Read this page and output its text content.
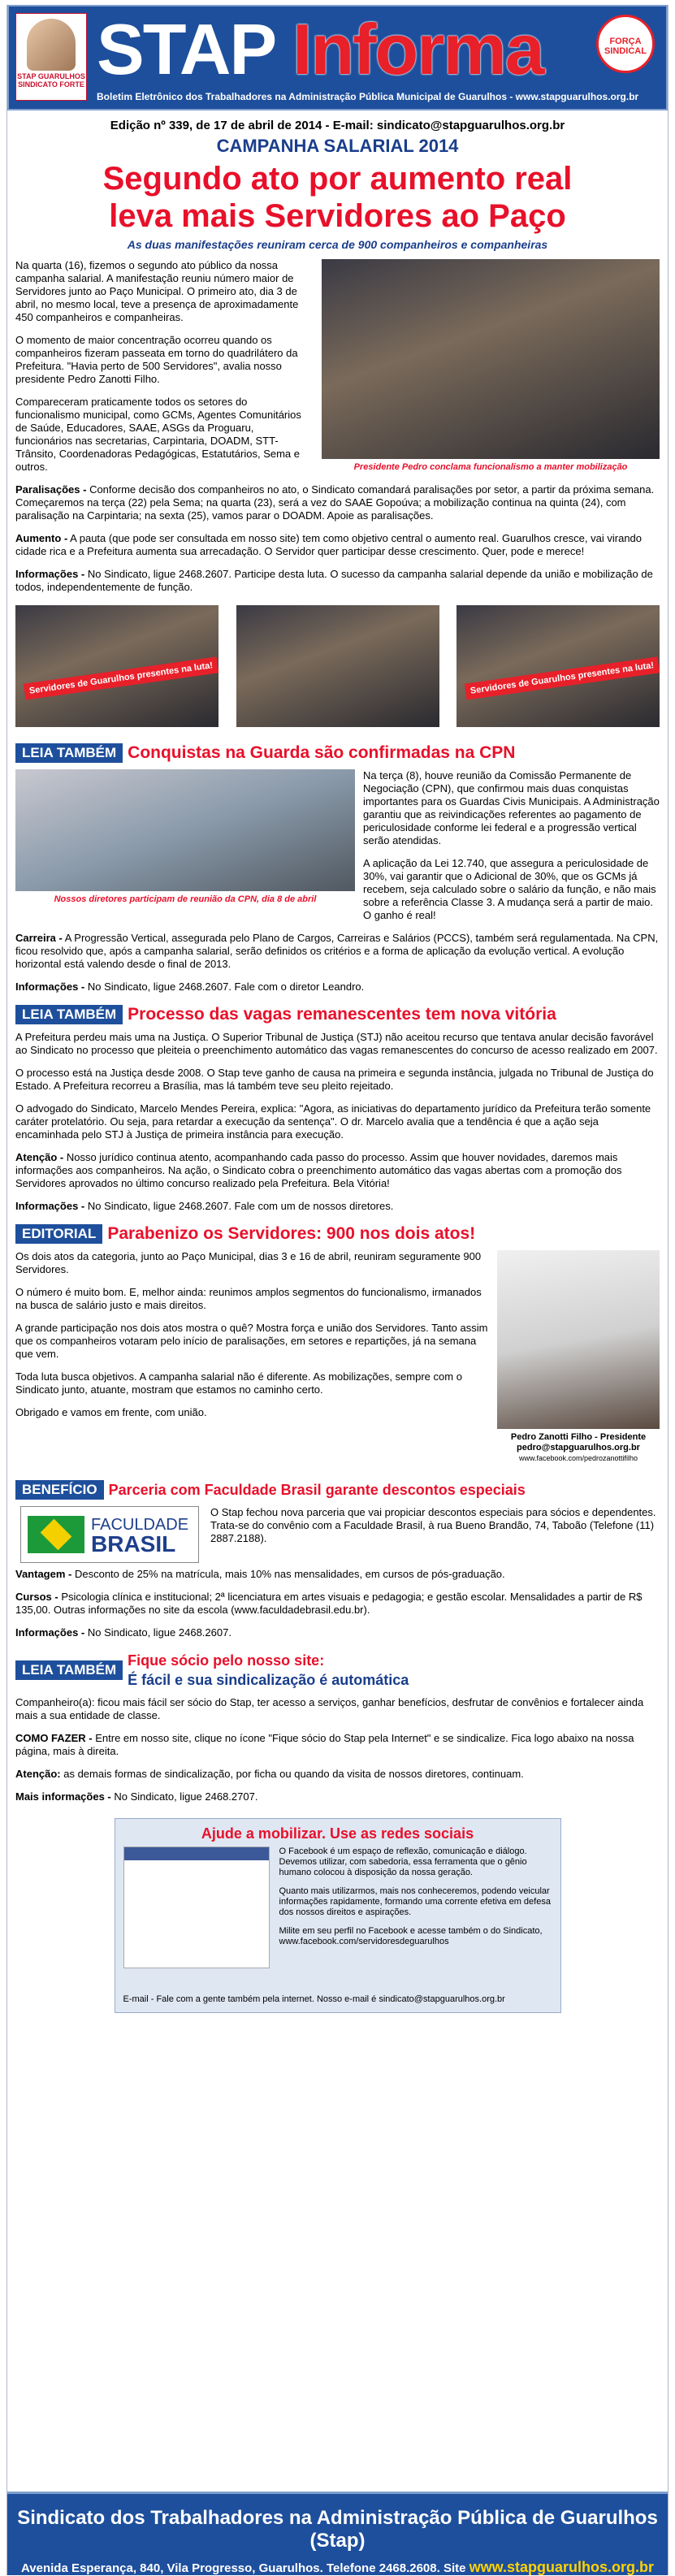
STAP GUARULHOS SINDICATO FORTE STAP Informa	FORÇA SINDICAL
Boletim Eletrônico dos Trabalhadores na Administração Pública Municipal de Guarulhos - www.stapguarulhos.org.br
Edição nº 339, de 17 de abril de 2014 - E-mail: sindicato@stapguarulhos.org.br
CAMPANHA SALARIAL 2014
Segundo ato por aumento real
leva mais Servidores ao Paço
As duas manifestações reuniram cerca de 900 companheiros e companheiras
Presidente Pedro conclama funcionalismo a manter mobilização

Na quarta (16), fizemos o segundo ato público da nossa campanha salarial. A manifestação reuniu número maior de Servidores junto ao Paço Municipal. O primeiro ato, dia 3 de abril, no mesmo local, teve a presença de aproximadamente 450 companheiros e companheiras.

O momento de maior concentração ocorreu quando os companheiros fizeram passeata em torno do quadrilátero da Prefeitura. "Havia perto de 500 Servidores", avalia nosso presidente Pedro Zanotti Filho.

Compareceram praticamente todos os setores do funcionalismo municipal, como GCMs, Agentes Comunitários de Saúde, Educadores, SAAE, ASGs da Proguaru, funcionários nas secretarias, Carpintaria, DOADM, STT-Trânsito, Coordenadoras Pedagógicas, Estatutários, Sema e outros.

Paralisações - Conforme decisão dos companheiros no ato, o Sindicato comandará paralisações por setor, a partir da próxima semana. Começaremos na terça (22) pela Sema; na quarta (23), será a vez do SAAE Gopoúva; a mobilização continua na quinta (24), com paralisação na Carpintaria; na sexta (25), vamos parar o DOADM. Apoie as paralisações.

Aumento - A pauta (que pode ser consultada em nosso site) tem como objetivo central o aumento real. Guarulhos cresce, vai virando cidade rica e a Prefeitura aumenta sua arrecadação. O Servidor quer participar desse crescimento. Quer, pode e merece!

Informações - No Sindicato, ligue 2468.2607. Participe desta luta. O sucesso da campanha salarial depende da união e mobilização de todos, independentemente de função.

Servidores de Guarulhos presentes na luta!	Servidores de Guarulhos presentes na luta!
LEIA TAMBÉM Conquistas na Guarda são confirmadas na CPN
Nossos diretores participam de reunião da CPN, dia 8 de abril

Na terça (8), houve reunião da Comissão Permanente de Negociação (CPN), que confirmou mais duas conquistas importantes para os Guardas Civis Municipais. A Administração garantiu que as reivindicações referentes ao pagamento de periculosidade conforme lei federal e a progressão vertical serão atendidas.

A aplicação da Lei 12.740, que assegura a periculosidade de 30%, vai garantir que o Adicional de 30%, que os GCMs já recebem, seja calculado sobre o salário da função, e não mais sobre a referência Classe 3. A mudança será a partir de maio. O ganho é real!

Carreira - A Progressão Vertical, assegurada pelo Plano de Cargos, Carreiras e Salários (PCCS), também será regulamentada. Na CPN, ficou resolvido que, após a campanha salarial, serão definidos os critérios e a forma de aplicação da evolução vertical. A evolução horizontal está valendo desde o final de 2013.

Informações - No Sindicato, ligue 2468.2607. Fale com o diretor Leandro.

LEIA TAMBÉM Processo das vagas remanescentes tem nova vitória

A Prefeitura perdeu mais uma na Justiça. O Superior Tribunal de Justiça (STJ) não aceitou recurso que tentava anular decisão favorável ao Sindicato no processo que pleiteia o preenchimento automático das vagas remanescentes do concurso de acesso realizado em 2007.

O processo está na Justiça desde 2008. O Stap teve ganho de causa na primeira e segunda instância, julgada no Tribunal de Justiça do Estado. A Prefeitura recorreu a Brasília, mas lá também teve seu pleito rejeitado.

O advogado do Sindicato, Marcelo Mendes Pereira, explica: "Agora, as iniciativas do departamento jurídico da Prefeitura terão somente caráter protelatório. Ou seja, para retardar a execução da sentença". O dr. Marcelo avalia que a tendência é que a ação seja encaminhada pelo STJ à Justiça de primeira instância para execução.

Atenção - Nosso jurídico continua atento, acompanhando cada passo do processo. Assim que houver novidades, daremos mais informações aos companheiros. Na ação, o Sindicato cobra o preenchimento automático das vagas abertas com a promoção dos Servidores aprovados no último concurso realizado pela Prefeitura. Bela Vitória!

Informações - No Sindicato, ligue 2468.2607. Fale com um de nossos diretores.

EDITORIAL Parabenizo os Servidores: 900 nos dois atos!
Pedro Zanotti Filho - Presidente
pedro@stapguarulhos.org.br
www.facebook.com/pedrozanottifilho

Os dois atos da categoria, junto ao Paço Municipal, dias 3 e 16 de abril, reuniram seguramente 900 Servidores.

O número é muito bom. E, melhor ainda: reunimos amplos segmentos do funcionalismo, irmanados na busca de salário justo e mais direitos.

A grande participação nos dois atos mostra o quê? Mostra força e união dos Servidores. Tanto assim que os companheiros votaram pelo início de paralisações, em setores e repartições, já na semana que vem.

Toda luta busca objetivos. A campanha salarial não é diferente. As mobilizações, sempre com o Sindicato junto, atuante, mostram que estamos no caminho certo.

Obrigado e vamos em frente, com união.

BENEFÍCIO Parceria com Faculdade Brasil garante descontos especiais
FACULDADE
BRASIL

O Stap fechou nova parceria que vai propiciar descontos especiais para sócios e dependentes. Trata-se do convênio com a Faculdade Brasil, à rua Bueno Brandão, 74, Taboão (Telefone (11) 2887.2188).

Vantagem - Desconto de 25% na matrícula, mais 10% nas mensalidades, em cursos de pós-graduação.

Cursos - Psicologia clínica e institucional; 2ª licenciatura em artes visuais e pedagogia; e gestão escolar. Mensalidades a partir de R$ 135,00. Outras informações no site da escola (www.faculdadebrasil.edu.br).

Informações - No Sindicato, ligue 2468.2607.

LEIA TAMBÉM
Fique sócio pelo nosso site:
É fácil e sua sindicalização é automática

Companheiro(a): ficou mais fácil ser sócio do Stap, ter acesso a serviços, ganhar benefícios, desfrutar de convênios e fortalecer ainda mais a sua entidade de classe.

COMO FAZER - Entre em nosso site, clique no ícone "Fique sócio do Stap pela Internet" e se sindicalize. Fica logo abaixo na nossa página, mais à direita.

Atenção: as demais formas de sindicalização, por ficha ou quando da visita de nossos diretores, continuam.

Mais informações - No Sindicato, ligue 2468.2707.

Ajude a mobilizar. Use as redes sociais

O Facebook é um espaço de reflexão, comunicação e diálogo. Devemos utilizar, com sabedoria, essa ferramenta que o gênio humano colocou à disposição da nossa geração.

Quanto mais utilizarmos, mais nos conheceremos, podendo veicular informações rapidamente, formando uma corrente efetiva em defesa dos nossos direitos e aspirações.

Milite em seu perfil no Facebook e acesse também o do Sindicato, www.facebook.com/servidoresdeguarulhos

E-mail - Fale com a gente também pela internet. Nosso e-mail é sindicato@stapguarulhos.org.br
Sindicato dos Trabalhadores na Administração Pública de Guarulhos (Stap)
Avenida Esperança, 840, Vila Progresso, Guarulhos. Telefone 2468.2608. Site www.stapguarulhos.org.br
